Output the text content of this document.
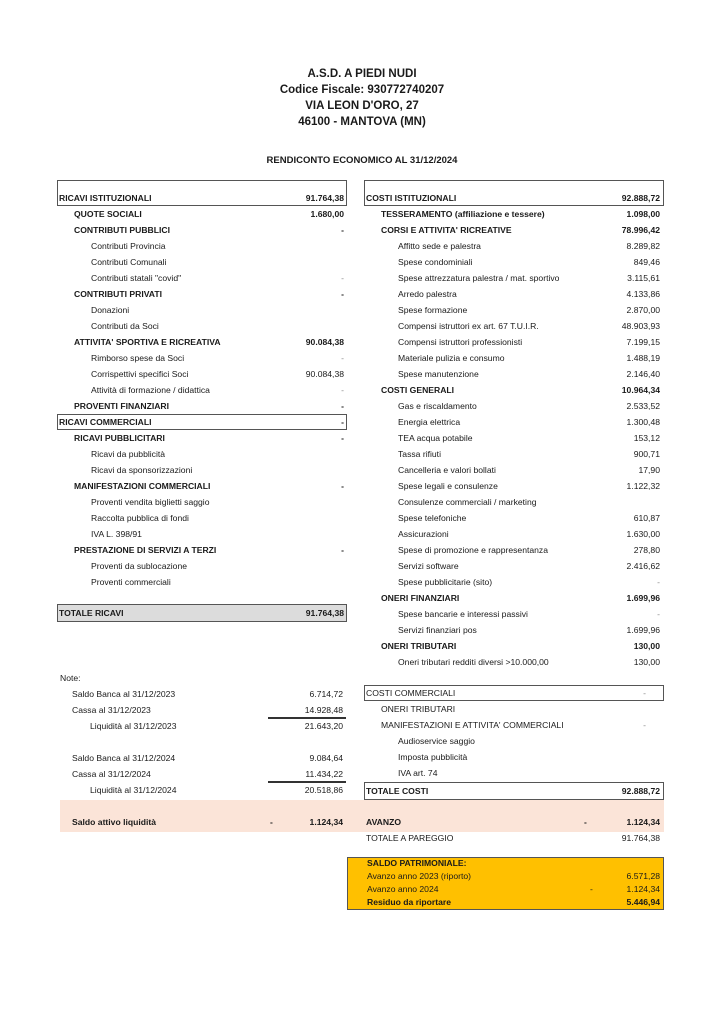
A.S.D. A PIEDI NUDI
Codice Fiscale: 930772740207
VIA LEON D'ORO, 27
46100 - MANTOVA (MN)
RENDICONTO ECONOMICO AL 31/12/2024
RICAVI ISTITUZIONALI	91.764,38
QUOTE SOCIALI	1.680,00
CONTRIBUTI PUBBLICI	-
Contributi Provincia
Contributi Comunali
Contributi statali "covid"	-
CONTRIBUTI PRIVATI	-
Donazioni
Contributi da Soci
ATTIVITA' SPORTIVA E RICREATIVA	90.084,38
Rimborso spese da Soci	-
Corrispettivi specifici Soci	90.084,38
Attività di formazione / didattica	-
PROVENTI FINANZIARI	-
RICAVI COMMERCIALI	-
RICAVI PUBBLICITARI	-
Ricavi da pubblicità
Ricavi da sponsorizzazioni
MANIFESTAZIONI COMMERCIALI	-
Proventi vendita biglietti saggio
Raccolta pubblica di fondi
IVA L. 398/91
PRESTAZIONE DI SERVIZI A TERZI	-
Proventi da sublocazione
Proventi commerciali
TOTALE RICAVI	91.764,38
COSTI ISTITUZIONALI	92.888,72
TESSERAMENTO (affiliazione e tessere)	1.098,00
CORSI E ATTIVITA' RICREATIVE	78.996,42
Affitto sede e palestra	8.289,82
Spese condominiali	849,46
Spese attrezzatura palestra / mat. sportivo	3.115,61
Arredo palestra	4.133,86
Spese formazione	2.870,00
Compensi istruttori ex art. 67 T.U.I.R.	48.903,93
Compensi istruttori professionisti	7.199,15
Materiale pulizia e consumo	1.488,19
Spese manutenzione	2.146,40
COSTI GENERALI	10.964,34
Gas e riscaldamento	2.533,52
Energia elettrica	1.300,48
TEA acqua potabile	153,12
Tassa rifiuti	900,71
Cancelleria e valori bollati	17,90
Spese legali e consulenze	1.122,32
Consulenze commerciali / marketing
Spese telefoniche	610,87
Assicurazioni	1.630,00
Spese di promozione e rappresentanza	278,80
Servizi software	2.416,62
Spese pubblicitarie (sito)	-
ONERI FINANZIARI	1.699,96
Spese bancarie e interessi passivi	-
Servizi finanziari pos	1.699,96
ONERI TRIBUTARI	130,00
Oneri tributari redditi diversi >10.000,00	130,00
COSTI COMMERCIALI	-
ONERI TRIBUTARI
MANIFESTAZIONI E ATTIVITA' COMMERCIALI	-
Audioservice saggio
Imposta pubblicità
IVA art. 74
TOTALE COSTI	92.888,72
AVANZO	-	1.124,34
TOTALE A PAREGGIO	91.764,38
Note:
Saldo Banca al 31/12/2023	6.714,72
Cassa al 31/12/2023	14.928,48
Liquidità al 31/12/2023	21.643,20
Saldo Banca al 31/12/2024	9.084,64
Cassa al 31/12/2024	11.434,22
Liquidità al 31/12/2024	20.518,86
Saldo attivo liquidità	-	1.124,34
SALDO PATRIMONIALE:
Avanzo anno 2023 (riporto)	6.571,28
Avanzo anno 2024	-	1.124,34
Residuo da riportare	5.446,94
